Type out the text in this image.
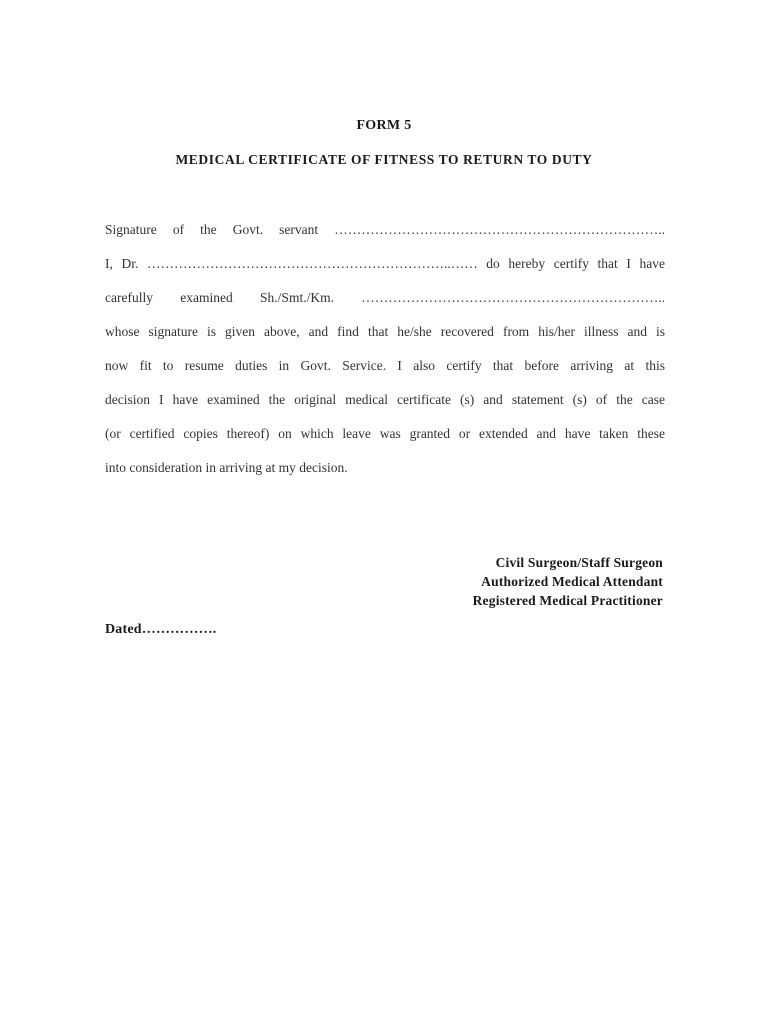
FORM 5
MEDICAL CERTIFICATE OF FITNESS TO RETURN TO DUTY
Signature of the Govt. servant ………………………………………………………………..
I, Dr. …………………………………………………………..…… do hereby certify that I have
carefully examined Sh./Smt./Km. …………………………………………………………..
whose signature is given above, and find that he/she recovered from his/her illness and is
now fit to resume duties in Govt. Service. I also certify that before arriving at this
decision I have examined the original medical certificate (s) and statement (s) of the case
(or certified copies thereof) on which leave was granted or extended and have taken these
into consideration in arriving at my decision.
Civil Surgeon/Staff Surgeon
Authorized Medical Attendant
Registered Medical Practitioner
Dated…………….
